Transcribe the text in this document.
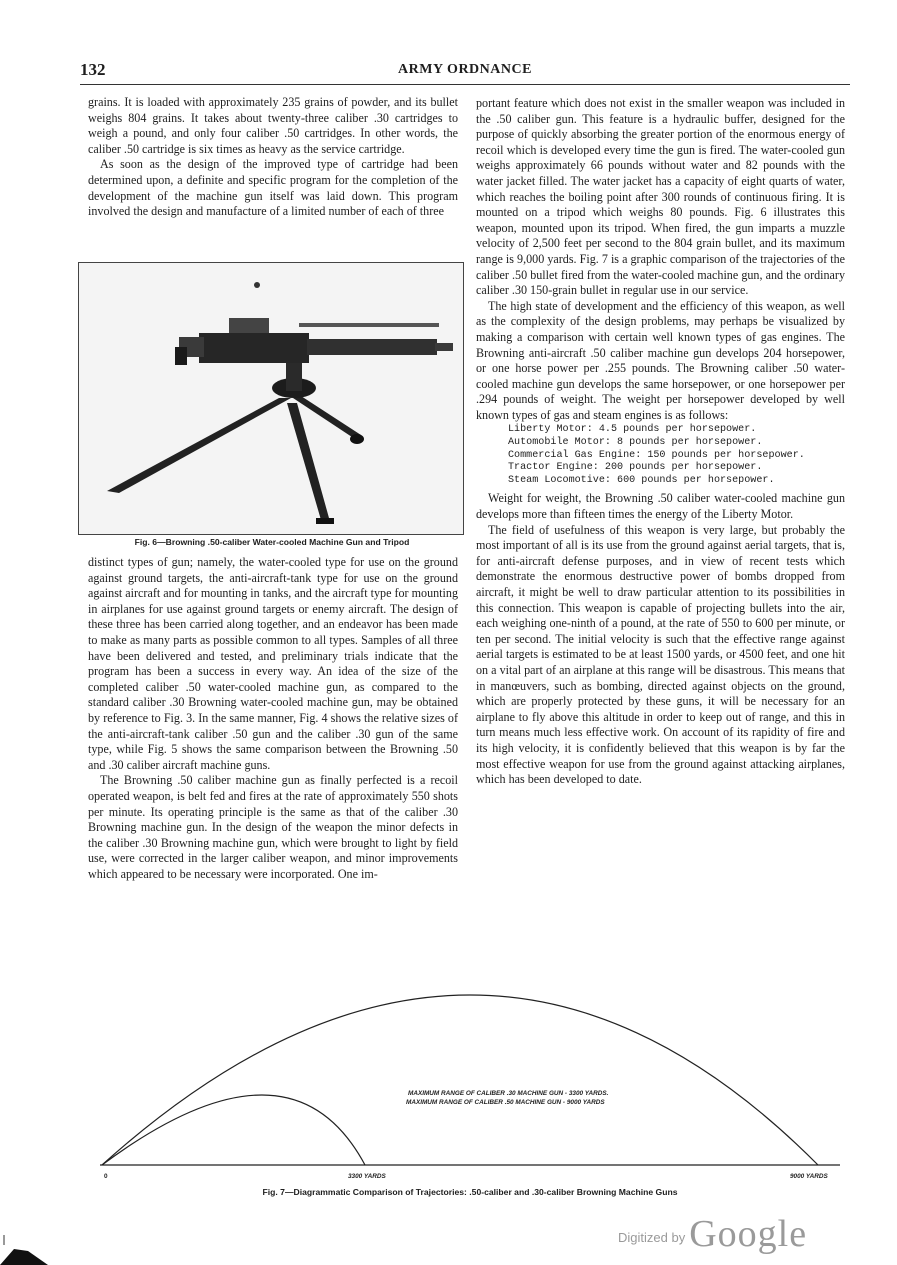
132	ARMY ORDNANCE

grains. It is loaded with approximately 235 grains of powder, and its bullet weighs 804 grains. It takes about twenty-three caliber .30 cartridges to weigh a pound, and only four caliber .50 cartridges. In other words, the caliber .50 cartridge is six times as heavy as the service cartridge.

As soon as the design of the improved type of cartridge had been determined upon, a definite and specific program for the completion of the development of the machine gun itself was laid down. This program involved the design and manufacture of a limited number of each of three

Fig. 6—Browning .50-caliber Water-cooled Machine Gun and Tripod

distinct types of gun; namely, the water-cooled type for use on the ground against ground targets, the anti-aircraft-tank type for use on the ground against aircraft and for mounting in tanks, and the aircraft type for mounting in airplanes for use against ground targets or enemy aircraft. The design of these three has been carried along together, and an endeavor has been made to make as many parts as possible common to all types. Samples of all three have been delivered and tested, and preliminary trials indicate that the program has been a success in every way. An idea of the size of the completed caliber .50 water-cooled machine gun, as compared to the standard caliber .30 Browning water-cooled machine gun, may be obtained by reference to Fig. 3. In the same manner, Fig. 4 shows the relative sizes of the anti-aircraft-tank caliber .50 gun and the caliber .30 gun of the same type, while Fig. 5 shows the same comparison between the Browning .50 and .30 caliber aircraft machine guns.

The Browning .50 caliber machine gun as finally perfected is a recoil operated weapon, is belt fed and fires at the rate of approximately 550 shots per minute. Its operating principle is the same as that of the caliber .30 Browning machine gun. In the design of the weapon the minor defects in the caliber .30 Browning machine gun, which were brought to light by field use, were corrected in the larger caliber weapon, and minor improvements which appeared to be necessary were incorporated. One im-

portant feature which does not exist in the smaller weapon was included in the .50 caliber gun. This feature is a hydraulic buffer, designed for the purpose of quickly absorbing the greater portion of the enormous energy of recoil which is developed every time the gun is fired. The water-cooled gun weighs approximately 66 pounds without water and 82 pounds with the water jacket filled. The water jacket has a capacity of eight quarts of water, which reaches the boiling point after 300 rounds of continuous firing. It is mounted on a tripod which weighs 80 pounds. Fig. 6 illustrates this weapon, mounted upon its tripod. When fired, the gun imparts a muzzle velocity of 2,500 feet per second to the 804 grain bullet, and its maximum range is 9,000 yards. Fig. 7 is a graphic comparison of the trajectories of the caliber .50 bullet fired from the water-cooled machine gun, and the ordinary caliber .30 150-grain bullet in regular use in our service.

The high state of development and the efficiency of this weapon, as well as the complexity of the design problems, may perhaps be visualized by making a comparison with certain well known types of gas engines. The Browning anti-aircraft .50 caliber machine gun develops 204 horsepower, or one horse power per .255 pounds. The Browning caliber .50 water-cooled machine gun develops the same horsepower, or one horsepower per .294 pounds of weight. The weight per horsepower developed by well known types of gas and steam engines is as follows:

Liberty Motor: 4.5 pounds per horsepower.
Automobile Motor: 8 pounds per horsepower.
Commercial Gas Engine: 150 pounds per horsepower.
Tractor Engine: 200 pounds per horsepower.
Steam Locomotive: 600 pounds per horsepower.

Weight for weight, the Browning .50 caliber water-cooled machine gun develops more than fifteen times the energy of the Liberty Motor.

The field of usefulness of this weapon is very large, but probably the most important of all is its use from the ground against aerial targets, that is, for anti-aircraft defense purposes, and in view of recent tests which demonstrate the enormous destructive power of bombs dropped from aircraft, it might be well to draw particular attention to its possibilities in this connection. This weapon is capable of projecting bullets into the air, each weighing one-ninth of a pound, at the rate of 550 to 600 per minute, or ten per second. The initial velocity is such that the effective range against aerial targets is estimated to be at least 1500 yards, or 4500 feet, and one hit on a vital part of an airplane at this range will be disastrous. This means that in manœuvers, such as bombing, directed against objects on the ground, which are properly protected by these guns, it will be necessary for an airplane to fly above this altitude in order to keep out of range, and this in turn means much less effective work. On account of its rapidity of fire and its high velocity, it is confidently believed that this weapon is by far the most effective weapon for use from the ground against attacking airplanes, which has been developed to date.

MAXIMUM RANGE OF CALIBER .30 MACHINE GUN - 3300 YARDS.
MAXIMUM RANGE OF CALIBER .50 MACHINE GUN - 9000 YARDS
0	3300 YARDS	9000 YARDS
Fig. 7—Diagrammatic Comparison of Trajectories: .50-caliber and .30-caliber Browning Machine Guns
$^{Digitized by}$ Google
